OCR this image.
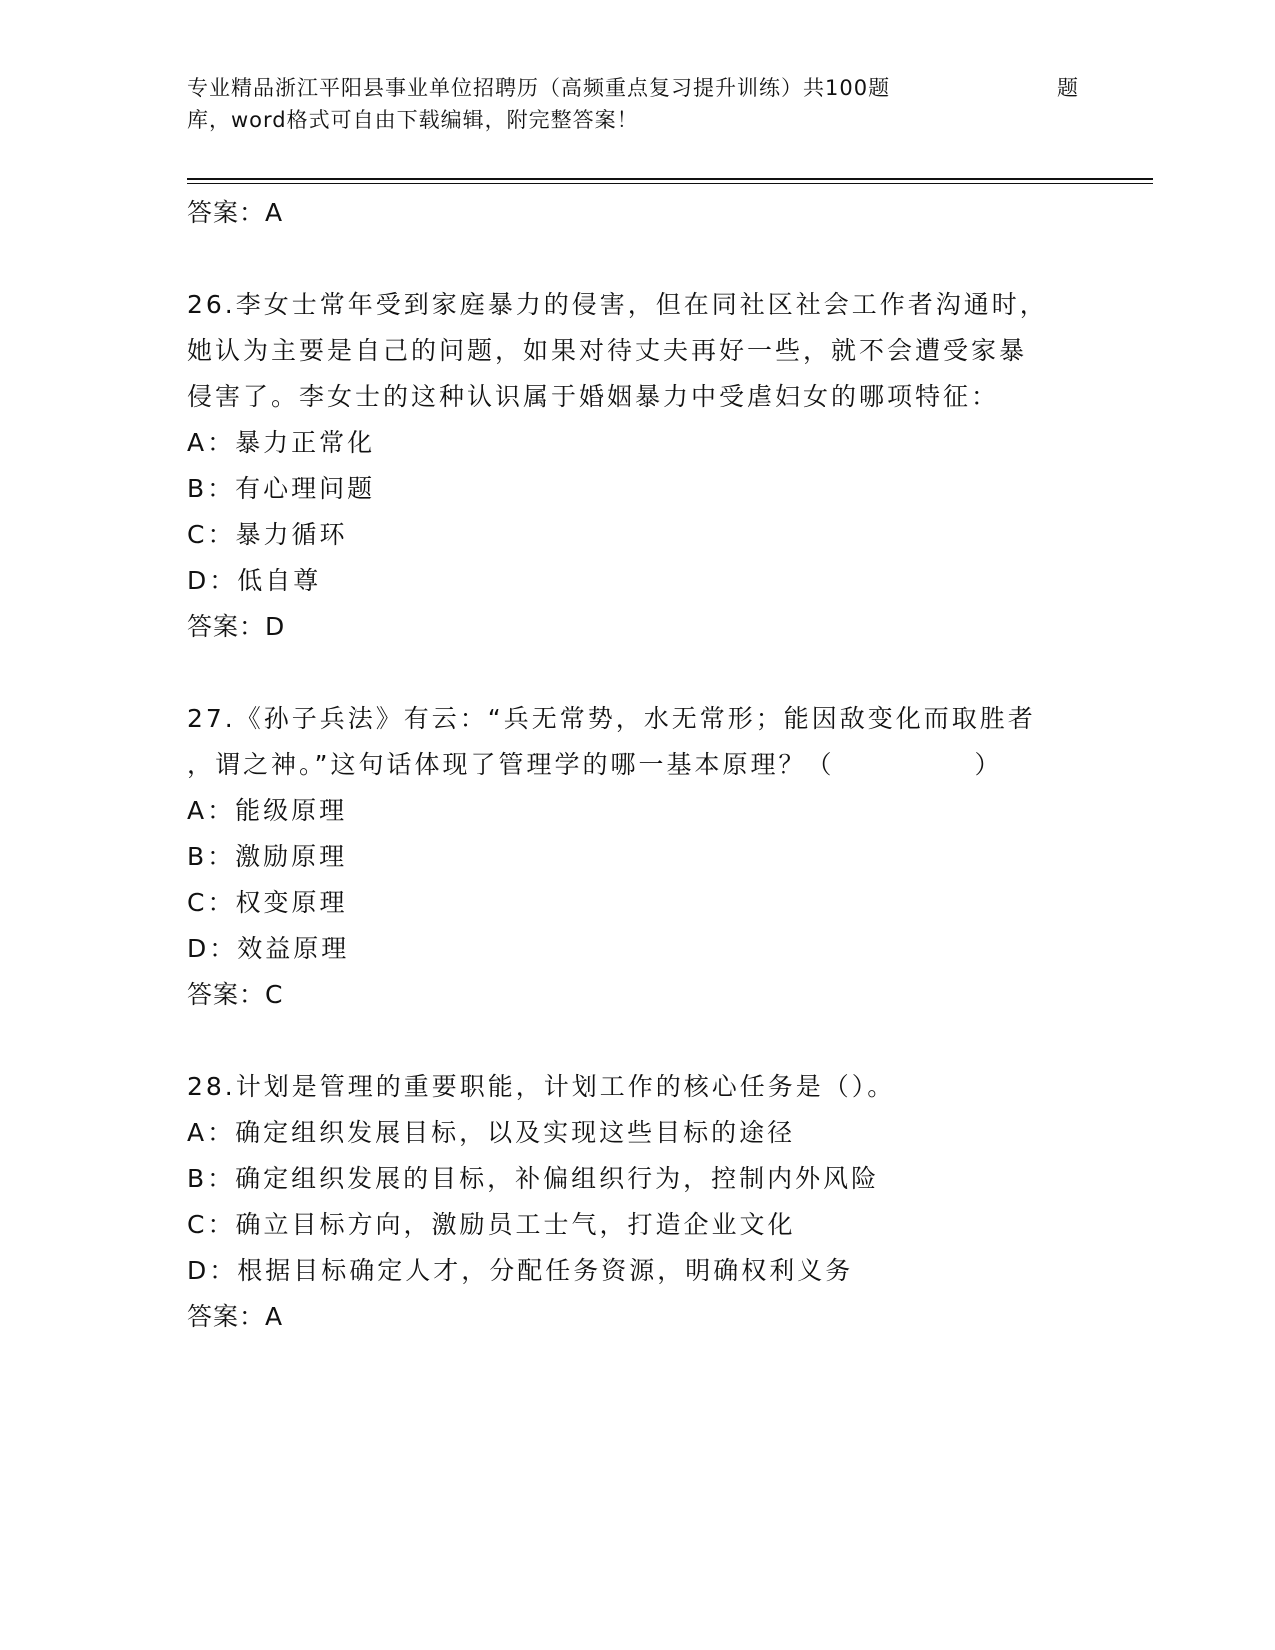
专业精品浙江平阳县事业单位招聘历（高频重点复习提升训练）共100题	题
库，word格式可自由下载编辑，附完整答案！
答案：A
26.李女士常年受到家庭暴力的侵害，但在同社区社会工作者沟通时，
她认为主要是自己的问题，如果对待丈夫再好一些，就不会遭受家暴
侵害了。李女士的这种认识属于婚姻暴力中受虐妇女的哪项特征：
A：暴力正常化
B：有心理问题
C：暴力循环
D：低自尊
答案：D
27.《孙子兵法》有云：“兵无常势，水无常形；能因敌变化而取胜者
，谓之神。”这句话体现了管理学的哪一基本原理？（　　　　　）
A：能级原理
B：激励原理
C：权变原理
D：效益原理
答案：C
28.计划是管理的重要职能，计划工作的核心任务是（）。
A：确定组织发展目标，以及实现这些目标的途径
B：确定组织发展的目标，补偏组织行为，控制内外风险
C：确立目标方向，激励员工士气，打造企业文化
D：根据目标确定人才，分配任务资源，明确权利义务
答案：A
